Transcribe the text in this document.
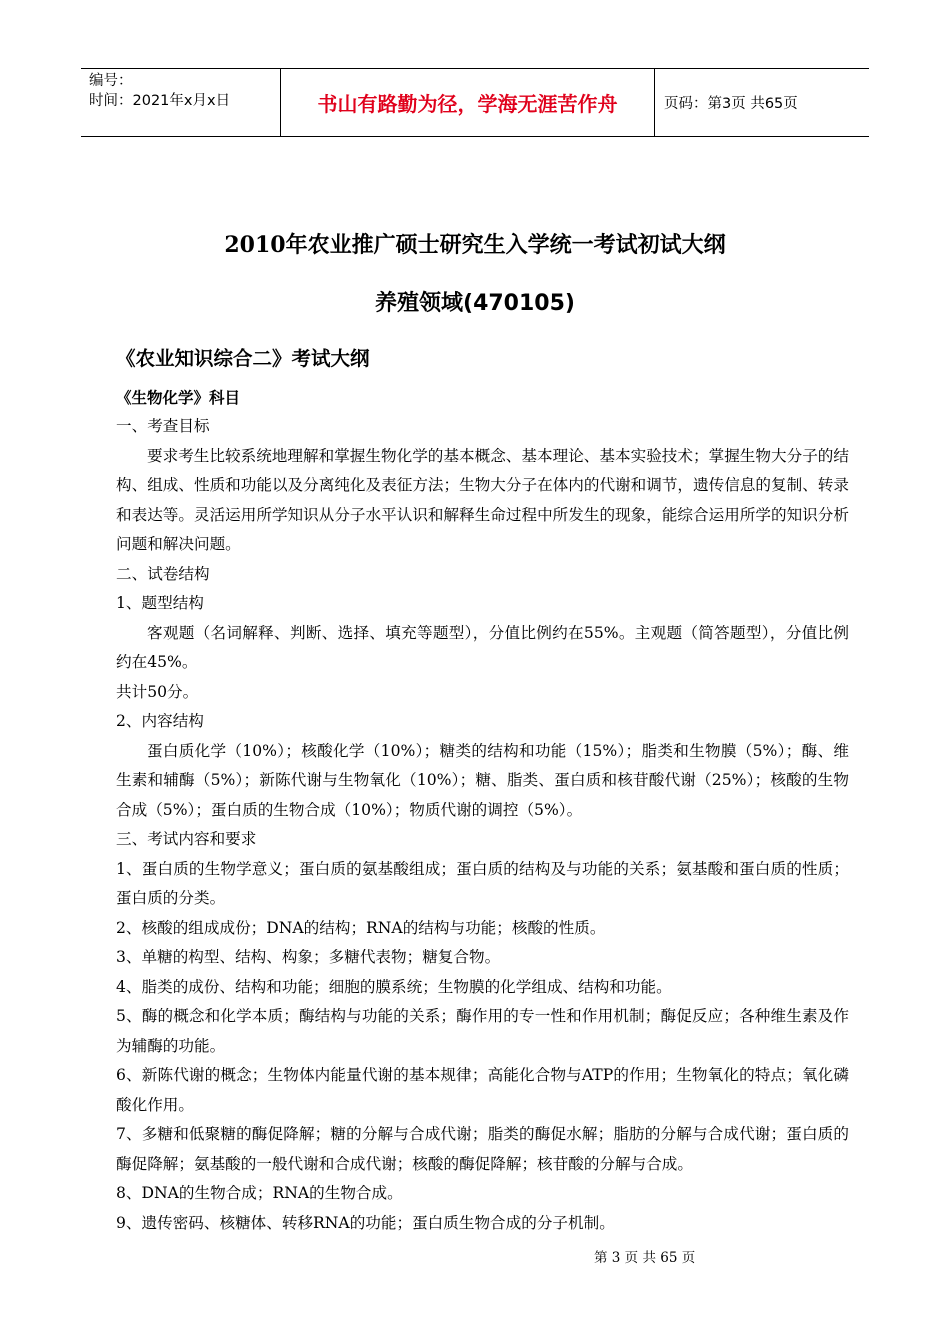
编号：
时间：2021年x月x日	书山有路勤为径，学海无涯苦作舟	页码：第3页 共65页
2010年农业推广硕士研究生入学统一考试初试大纲
养殖领域(470105)
《农业知识综合二》考试大纲
《生物化学》科目

一、考查目标

要求考生比较系统地理解和掌握生物化学的基本概念、基本理论、基本实验技术；掌握生物大分子的结构、组成、性质和功能以及分离纯化及表征方法；生物大分子在体内的代谢和调节，遗传信息的复制、转录和表达等。灵活运用所学知识从分子水平认识和解释生命过程中所发生的现象，能综合运用所学的知识分析问题和解决问题。

二、试卷结构

1、题型结构

客观题（名词解释、判断、选择、填充等题型），分值比例约在55%。主观题（简答题型），分值比例约在45%。

共计50分。

2、内容结构

蛋白质化学（10%）；核酸化学（10%）；糖类的结构和功能（15%）；脂类和生物膜（5%）；酶、维生素和辅酶（5%）；新陈代谢与生物氧化（10%）；糖、脂类、蛋白质和核苷酸代谢（25%）；核酸的生物合成（5%）；蛋白质的生物合成（10%）；物质代谢的调控（5%）。

三、考试内容和要求

1、蛋白质的生物学意义；蛋白质的氨基酸组成；蛋白质的结构及与功能的关系；氨基酸和蛋白质的性质；蛋白质的分类。

2、核酸的组成成份；DNA的结构；RNA的结构与功能；核酸的性质。

3、单糖的构型、结构、构象；多糖代表物；糖复合物。

4、脂类的成份、结构和功能；细胞的膜系统；生物膜的化学组成、结构和功能。

5、酶的概念和化学本质；酶结构与功能的关系；酶作用的专一性和作用机制；酶促反应；各种维生素及作为辅酶的功能。

6、新陈代谢的概念；生物体内能量代谢的基本规律；高能化合物与ATP的作用；生物氧化的特点；氧化磷酸化作用。

7、多糖和低聚糖的酶促降解；糖的分解与合成代谢；脂类的酶促水解；脂肪的分解与合成代谢；蛋白质的酶促降解；氨基酸的一般代谢和合成代谢；核酸的酶促降解；核苷酸的分解与合成。

8、DNA的生物合成；RNA的生物合成。

9、遗传密码、核糖体、转移RNA的功能；蛋白质生物合成的分子机制。

第 3 页 共 65 页
